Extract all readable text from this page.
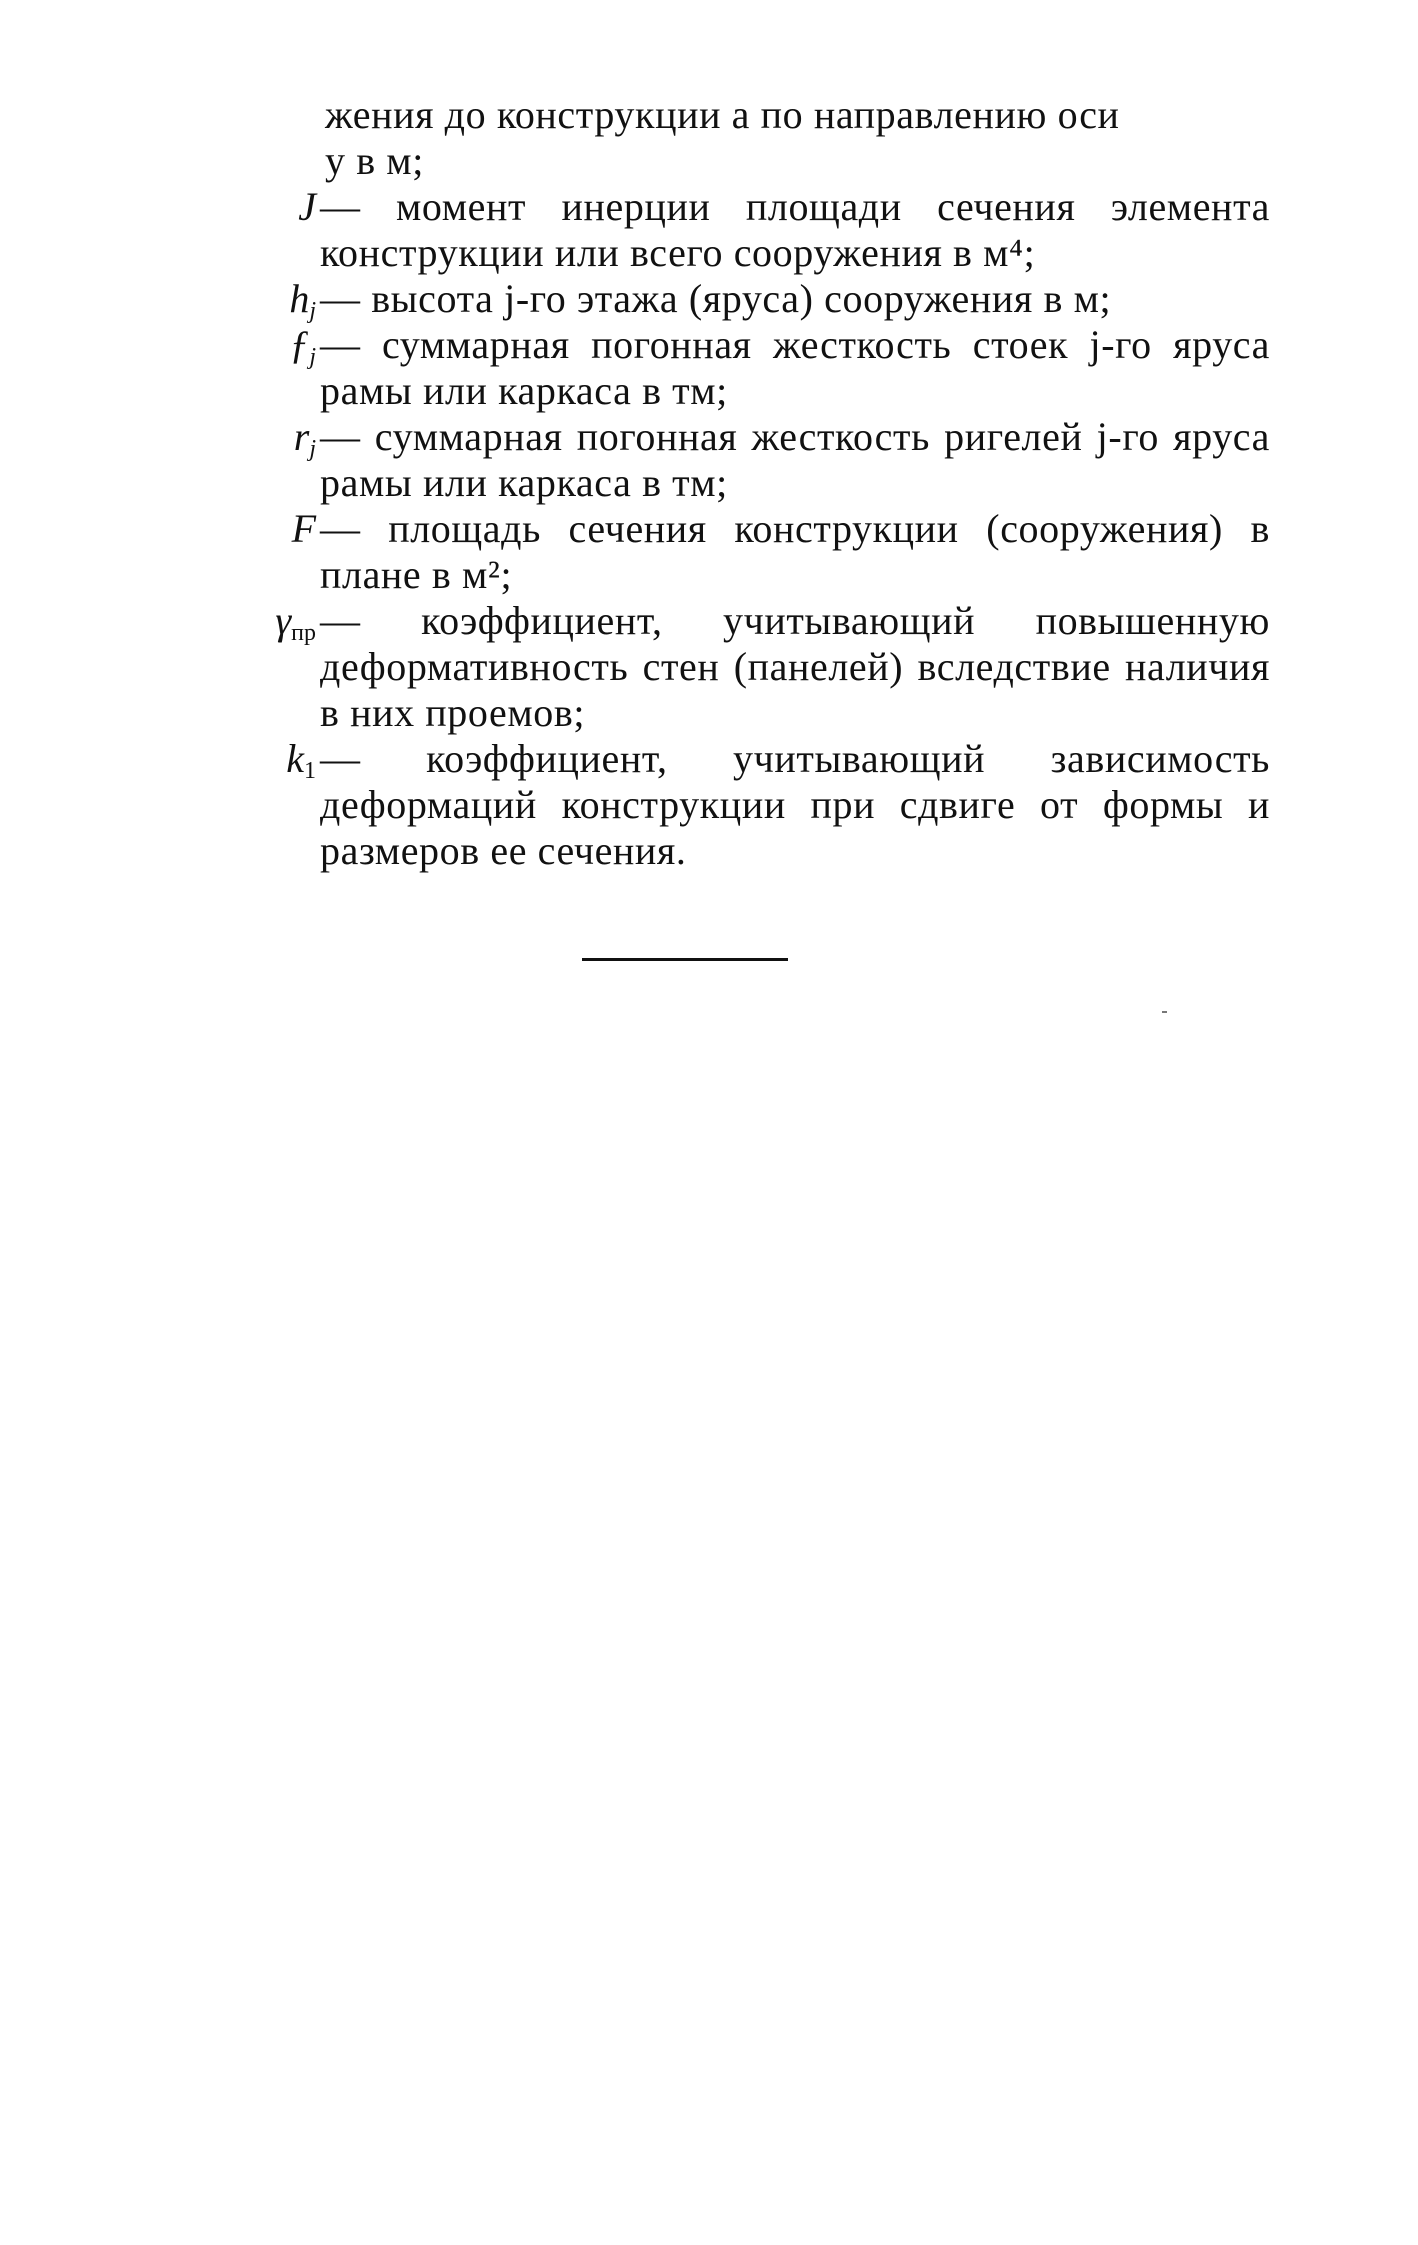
жения до конструкции a по направлению оси
y в м;
J — момент инерции площади сечения элемента конструкции или всего сооружения в м⁴;
$h_j$ — высота j-го этажа (яруса) сооружения в м;
$ƒ_j$ — суммарная погонная жесткость стоек j-го яруса рамы или каркаса в тм;
$r_j$ — суммарная погонная жесткость ригелей j-го яруса рамы или каркаса в тм;
F — площадь сечения конструкции (сооружения) в плане в м²;
$\gamma_{пр}$ — коэффициент, учитывающий повышенную деформативность стен (панелей) вследствие наличия в них проемов;
$k_1$ — коэффициент, учитывающий зависимость деформаций конструкции при сдвиге от формы и размеров ее сечения.
